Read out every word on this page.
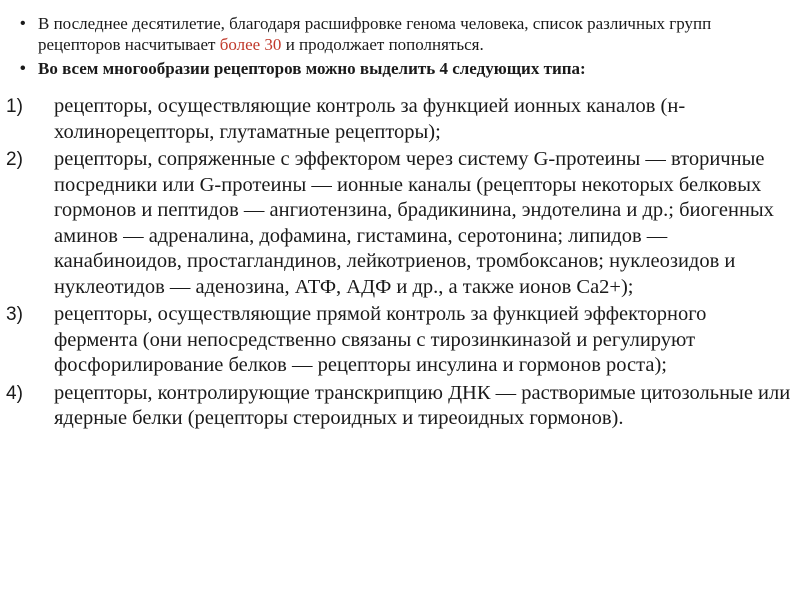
• В последнее десятилетие, благодаря расшифровке генома человека, список различных групп рецепторов насчитывает более 30 и продолжает пополняться.
• Во всем многообразии рецепторов можно выделить 4 следующих типа:
1) рецепторы, осуществляющие контроль за функцией ионных каналов (н-холинорецепторы, глутаматные рецепторы);
2) рецепторы, сопряженные с эффектором через систему G-протеины — вторичные посредники или G-протеины — ионные каналы (рецепторы некоторых белковых гормонов и пептидов — ангиотензина, брадикинина, эндотелина и др.; биогенных аминов — адреналина, дофамина, гистамина, серотонина; липидов — канабиноидов, простагландинов, лейкотриенов, тромбоксанов; нуклеозидов и нуклеотидов — аденозина, АТФ, АДФ и др., а также ионов Са2+);
3) рецепторы, осуществляющие прямой контроль за функцией эффекторного фермента (они непосредственно связаны с тирозинкиназой и регулируют фосфорилирование белков — рецепторы инсулина и гормонов роста);
4) рецепторы, контролирующие транскрипцию ДНК — растворимые цитозольные или ядерные белки (рецепторы стероидных и тиреоидных гормонов).
